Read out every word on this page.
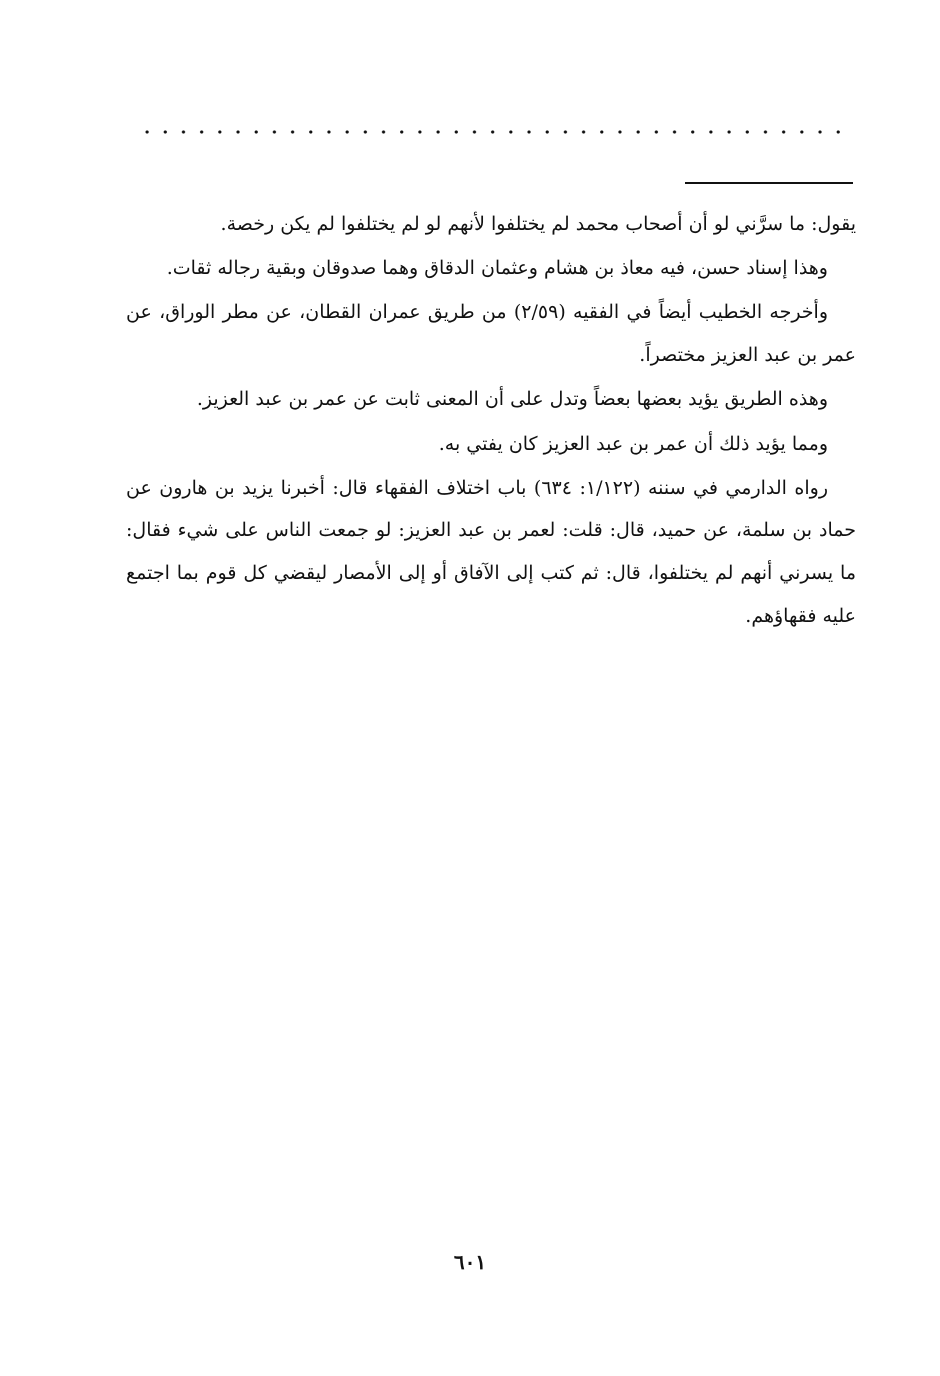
يقول: ما سرَّني لو أن أصحاب محمد لم يختلفوا لأنهم لو لم يختلفوا لم يكن رخصة.

وهذا إسناد حسن، فيه معاذ بن هشام وعثمان الدقاق وهما صدوقان وبقية رجاله ثقات.

وأخرجه الخطيب أيضاً في الفقيه (٢/٥٩) من طريق عمران القطان، عن مطر الوراق، عن عمر بن عبد العزيز مختصراً.

وهذه الطريق يؤيد بعضها بعضاً وتدل على أن المعنى ثابت عن عمر بن عبد العزيز.

ومما يؤيد ذلك أن عمر بن عبد العزيز كان يفتي به.

رواه الدارمي في سننه (١/١٢٢: ٦٣٤) باب اختلاف الفقهاء قال: أخبرنا يزيد بن هارون عن حماد بن سلمة، عن حميد، قال: قلت: لعمر بن عبد العزيز: لو جمعت الناس على شيء فقال: ما يسرني أنهم لم يختلفوا، قال: ثم كتب إلى الآفاق أو إلى الأمصار ليقضي كل قوم بما اجتمع عليه فقهاؤهم.

٦٠١
